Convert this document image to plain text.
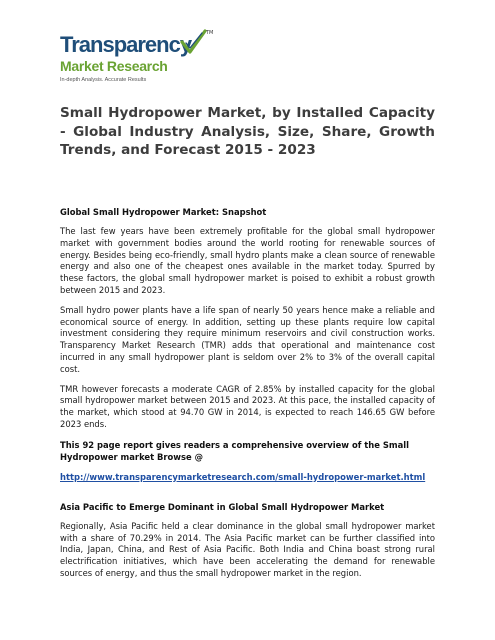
Transparency	TM
Market Research
In-depth Analysis. Accurate Results
Small Hydropower Market, by Installed Capacity - Global Industry Analysis, Size, Share, Growth Trends, and Forecast 2015 - 2023

Global Small Hydropower Market: Snapshot

The last few years have been extremely profitable for the global small hydropower market with government bodies around the world rooting for renewable sources of energy. Besides being eco-friendly, small hydro plants make a clean source of renewable energy and also one of the cheapest ones available in the market today. Spurred by these factors, the global small hydropower market is poised to exhibit a robust growth between 2015 and 2023.

Small hydro power plants have a life span of nearly 50 years hence make a reliable and economical source of energy. In addition, setting up these plants require low capital investment considering they require minimum reservoirs and civil construction works. Transparency Market Research (TMR) adds that operational and maintenance cost incurred in any small hydropower plant is seldom over 2% to 3% of the overall capital cost.

TMR however forecasts a moderate CAGR of 2.85% by installed capacity for the global small hydropower market between 2015 and 2023. At this pace, the installed capacity of the market, which stood at 94.70 GW in 2014, is expected to reach 146.65 GW before 2023 ends.

This 92 page report gives readers a comprehensive overview of the Small Hydropower market Browse @

http://www.transparencymarketresearch.com/small-hydropower-market.html

Asia Pacific to Emerge Dominant in Global Small Hydropower Market

Regionally, Asia Pacific held a clear dominance in the global small hydropower market with a share of 70.29% in 2014. The Asia Pacific market can be further classified into India, Japan, China, and Rest of Asia Pacific. Both India and China boast strong rural electrification initiatives, which have been accelerating the demand for renewable sources of energy, and thus the small hydropower market in the region.
